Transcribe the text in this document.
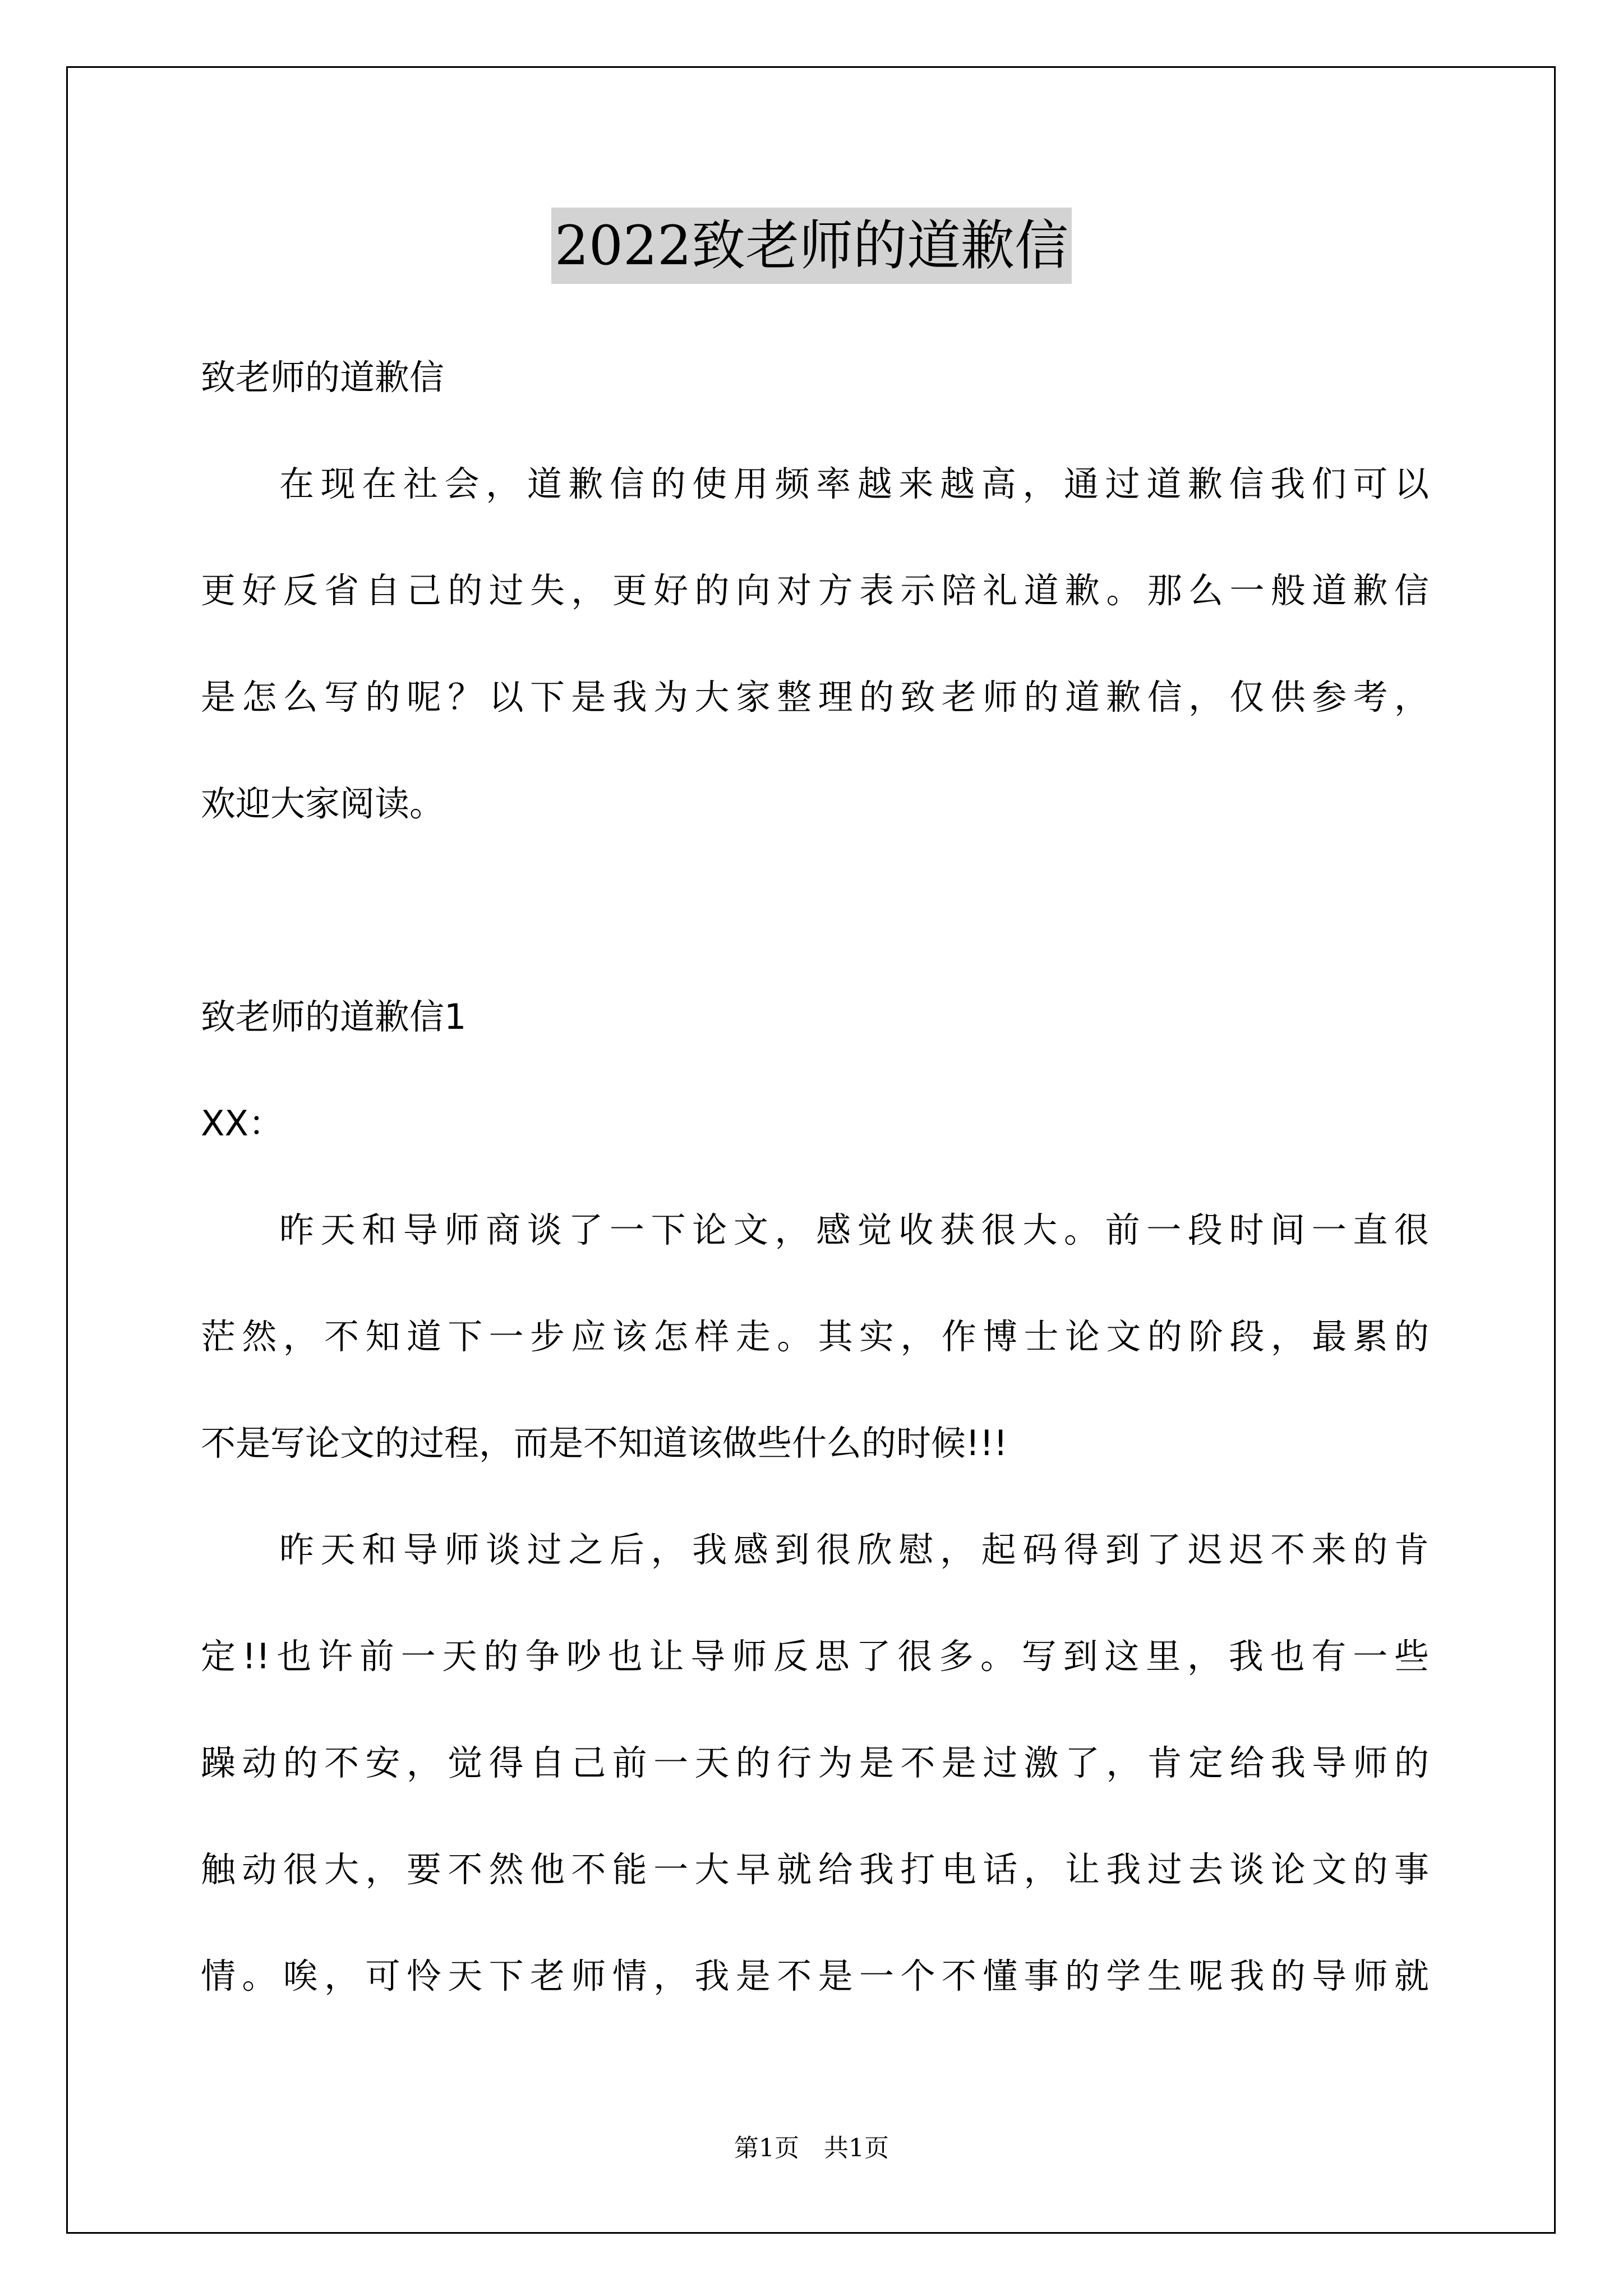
2022致老师的道歉信
致老师的道歉信
在现在社会，道歉信的使用频率越来越高，通过道歉信我们可以
更好反省自己的过失，更好的向对方表示陪礼道歉。那么一般道歉信
是怎么写的呢？以下是我为大家整理的致老师的道歉信，仅供参考，
欢迎大家阅读。
致老师的道歉信1
XX：
昨天和导师商谈了一下论文，感觉收获很大。前一段时间一直很
茫然，不知道下一步应该怎样走。其实，作博士论文的阶段，最累的
不是写论文的过程，而是不知道该做些什么的时候!!!
昨天和导师谈过之后，我感到很欣慰，起码得到了迟迟不来的肯
定!!也许前一天的争吵也让导师反思了很多。写到这里，我也有一些
躁动的不安，觉得自己前一天的行为是不是过激了，肯定给我导师的
触动很大，要不然他不能一大早就给我打电话，让我过去谈论文的事
情。唉，可怜天下老师情，我是不是一个不懂事的学生呢我的导师就
第1页　共1页
